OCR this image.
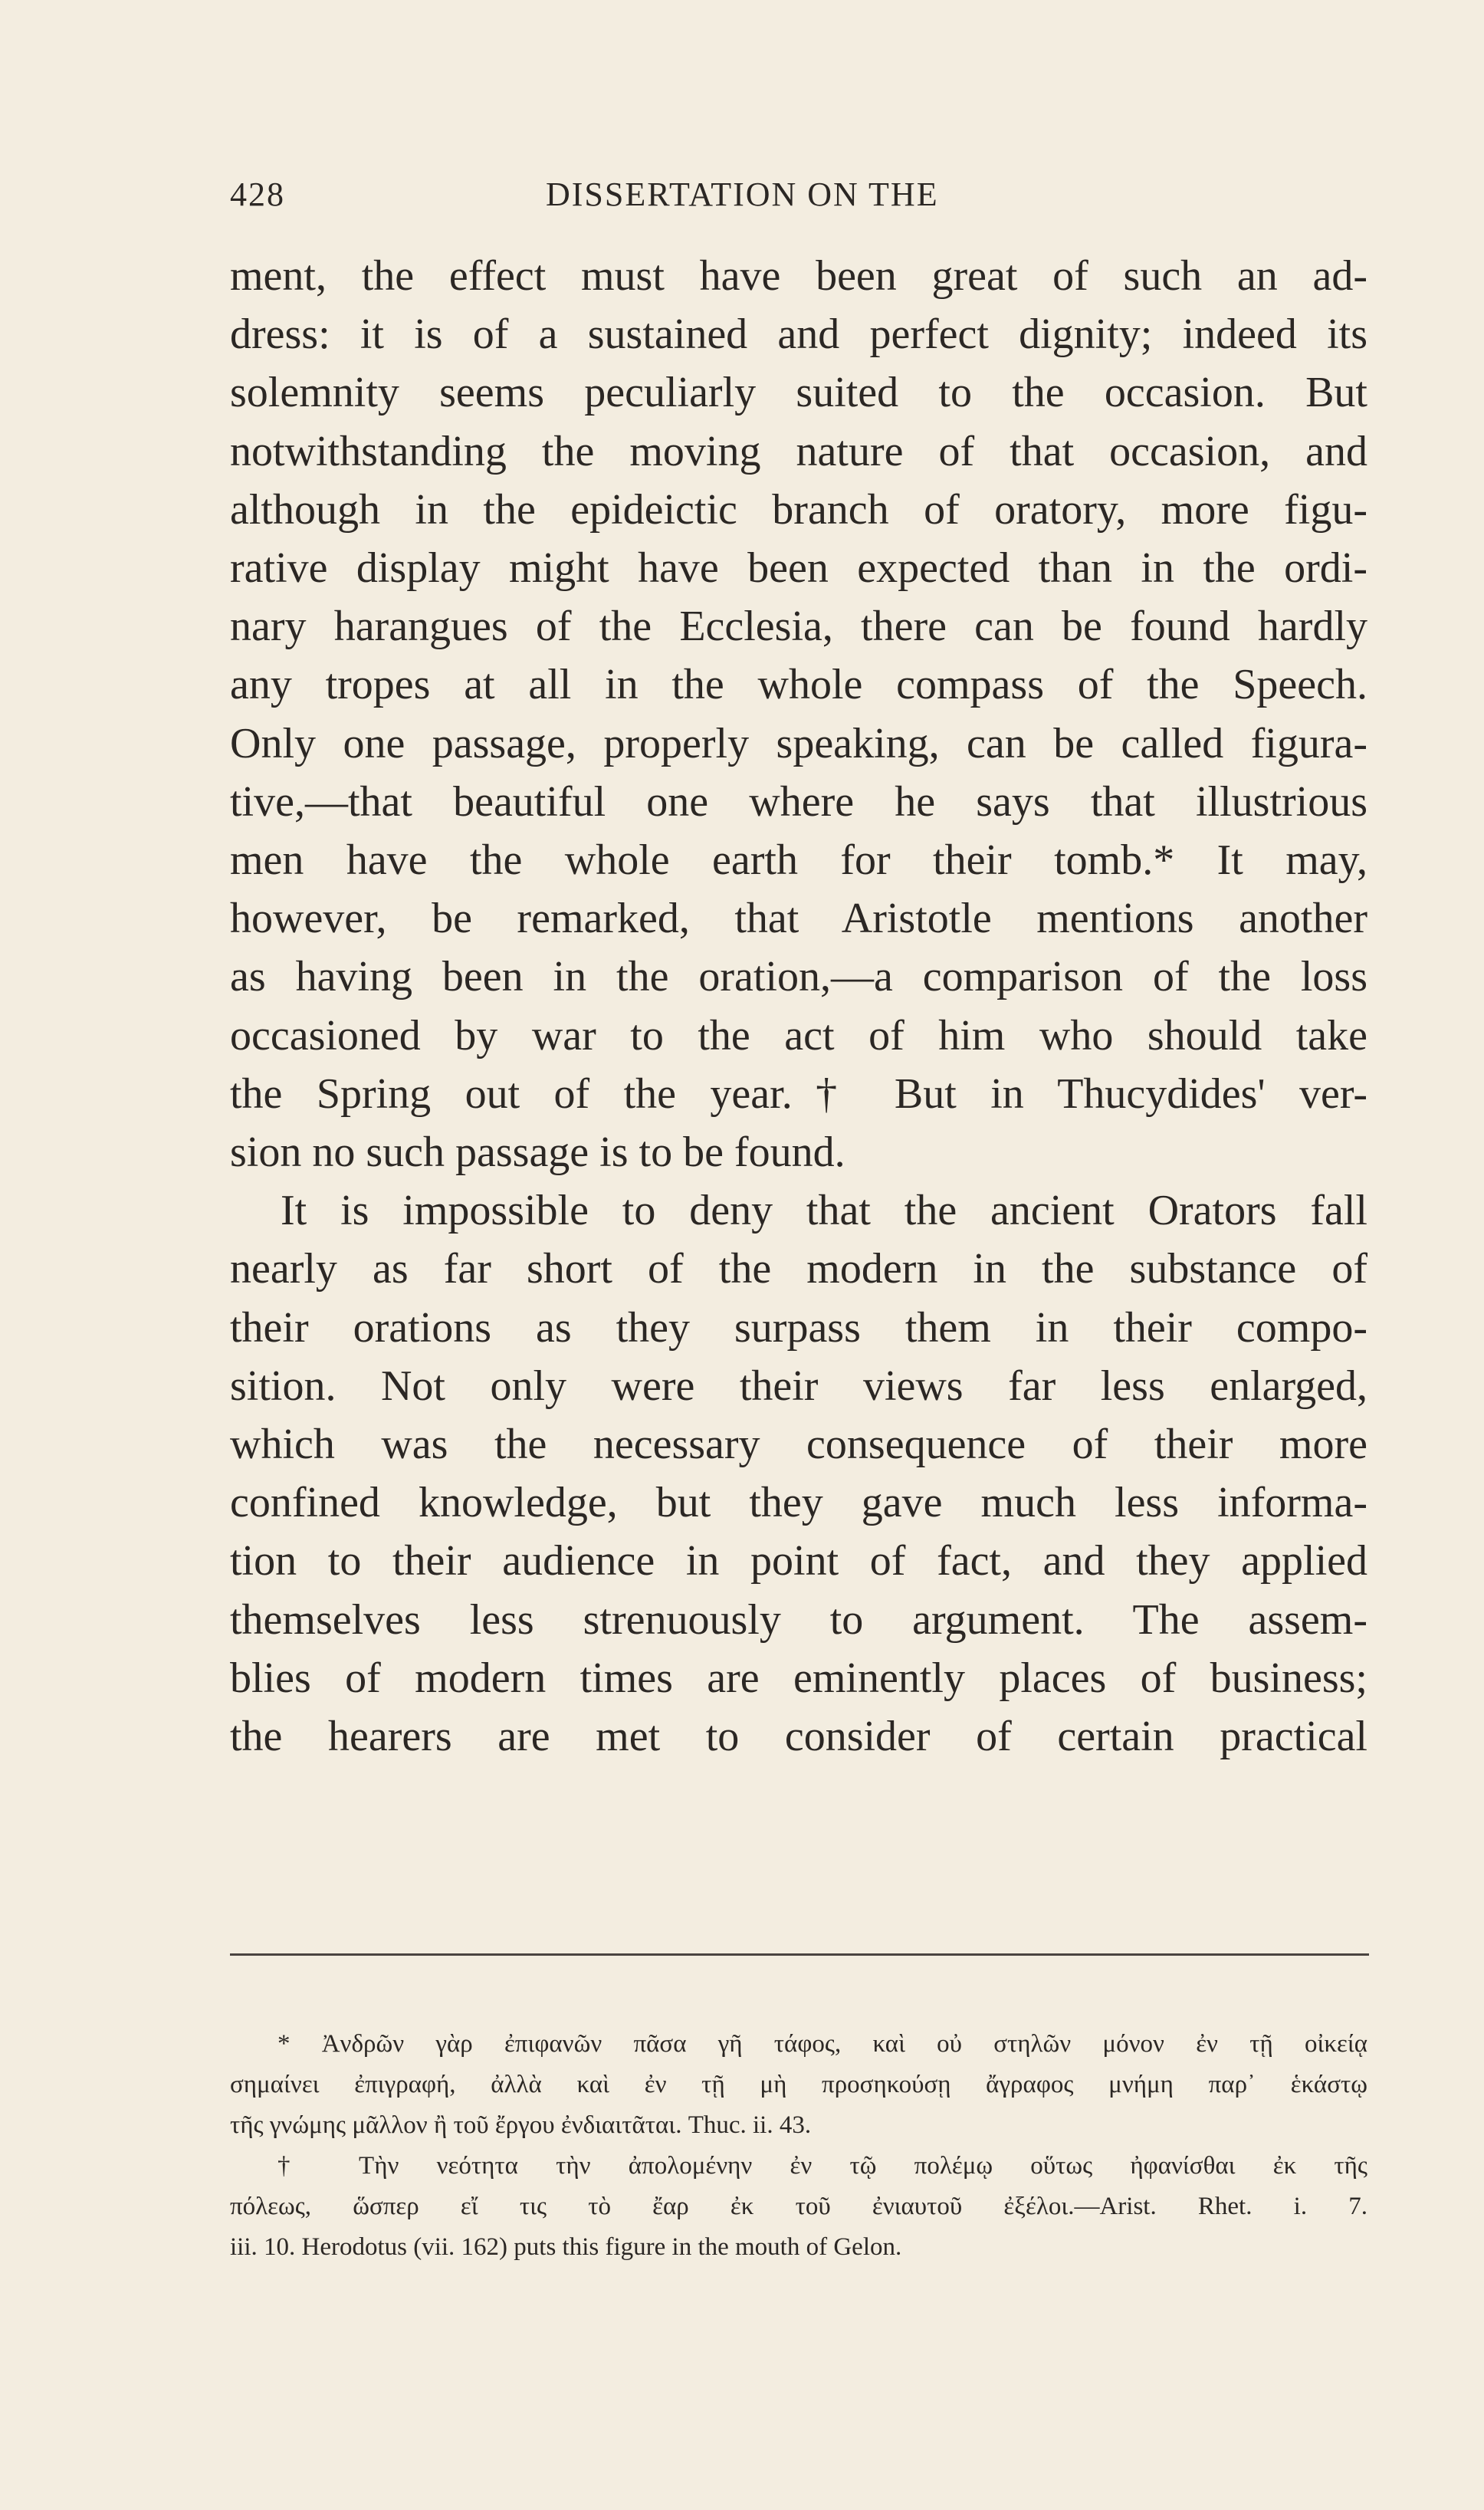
428	DISSERTATION ON THE

ment, the effect must have been great of such an ad-
dress: it is of a sustained and perfect dignity; indeed its
solemnity seems peculiarly suited to the occasion. But
notwithstanding the moving nature of that occasion, and
although in the epideictic branch of oratory, more figu-
rative display might have been expected than in the ordi-
nary harangues of the Ecclesia, there can be found hardly
any tropes at all in the whole compass of the Speech.
Only one passage, properly speaking, can be called figura-
tive,—that beautiful one where he says that illustrious
men have the whole earth for their tomb.* It may,
however, be remarked, that Aristotle mentions another
as having been in the oration,—a comparison of the loss
occasioned by war to the act of him who should take
the Spring out of the year.† But in Thucydides' ver-
sion no such passage is to be found.

It is impossible to deny that the ancient Orators fall
nearly as far short of the modern in the substance of
their orations as they surpass them in their compo-
sition. Not only were their views far less enlarged,
which was the necessary consequence of their more
confined knowledge, but they gave much less informa-
tion to their audience in point of fact, and they applied
themselves less strenuously to argument. The assem-
blies of modern times are eminently places of business;
the hearers are met to consider of certain practical

* Ἀνδρῶν γὰρ ἐπιφανῶν πᾶσα γῆ τάφος, καὶ οὐ στηλῶν μόνον ἐν τῇ οἰκείᾳ
σημαίνει ἐπιγραφή, ἀλλὰ καὶ ἐν τῇ μὴ προσηκούσῃ ἄγραφος μνήμη παρ᾽ ἑκάστῳ
τῆς γνώμης μᾶλλον ἢ τοῦ ἔργου ἐνδιαιτᾶται. Thuc. ii. 43.
† Τὴν νεότητα τὴν ἀπολομένην ἐν τῷ πολέμῳ οὕτως ἠφανίσθαι ἐκ τῆς
πόλεως, ὥσπερ εἴ τις τὸ ἔαρ ἐκ τοῦ ἐνιαυτοῦ ἐξέλοι.—Arist. Rhet. i. 7.
iii. 10. Herodotus (vii. 162) puts this figure in the mouth of Gelon.
